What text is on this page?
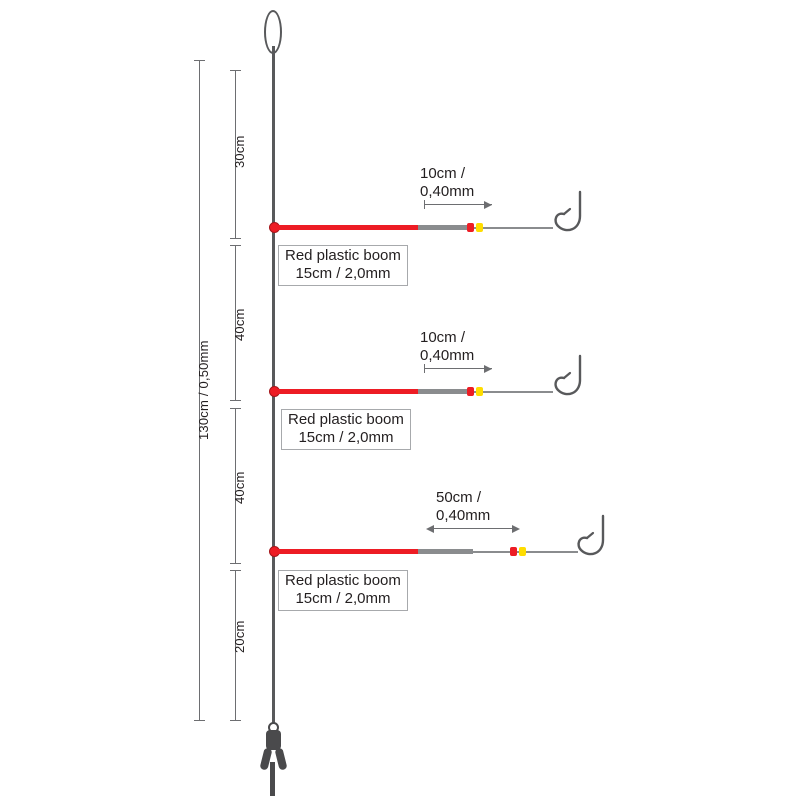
130cm / 0,50mm
30cm
40cm
40cm
20cm
10cm /
0,40mm
Red plastic boom
15cm / 2,0mm
10cm /
0,40mm
Red plastic boom
15cm / 2,0mm
50cm /
0,40mm
Red plastic boom
15cm / 2,0mm
